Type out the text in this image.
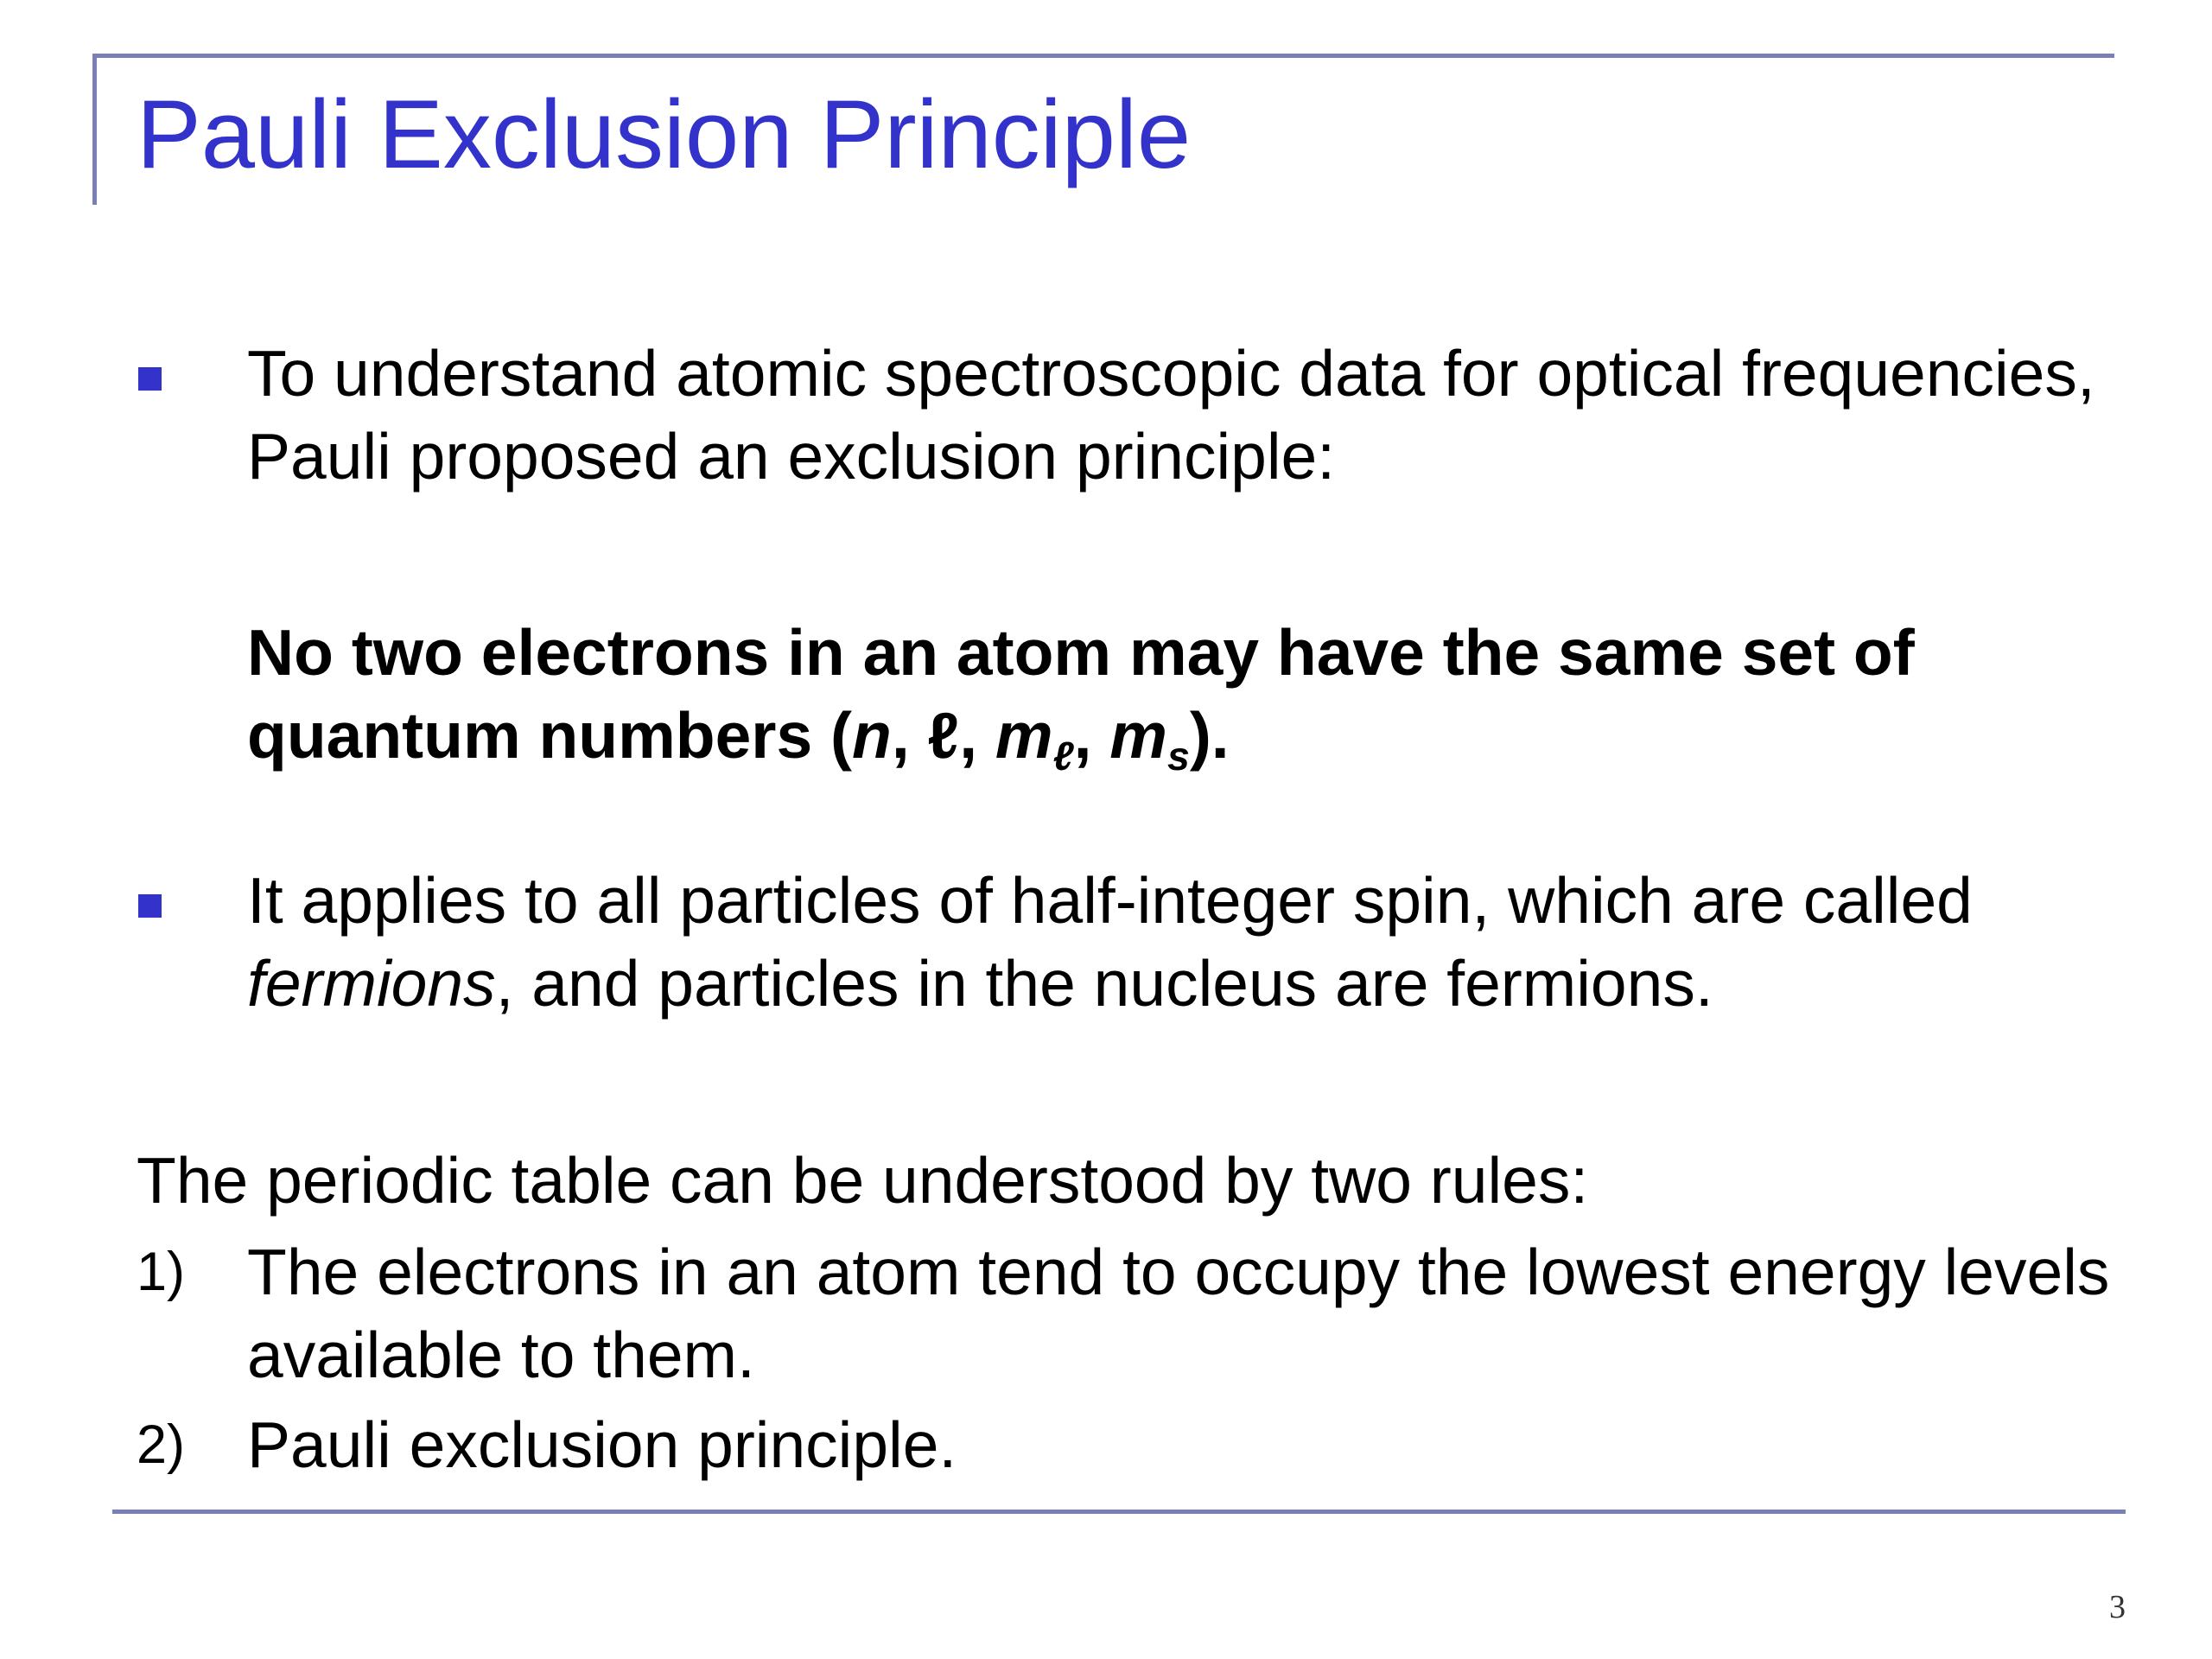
Pauli Exclusion Principle
To understand atomic spectroscopic data for optical frequencies, Pauli proposed an exclusion principle:
No two electrons in an atom may have the same set of quantum numbers (n, ℓ, $m_\ell$, $m_s$).
It applies to all particles of half-integer spin, which are called fermions, and particles in the nucleus are fermions.
The periodic table can be understood by two rules:
1) The electrons in an atom tend to occupy the lowest energy levels available to them.
2) Pauli exclusion principle.
3
